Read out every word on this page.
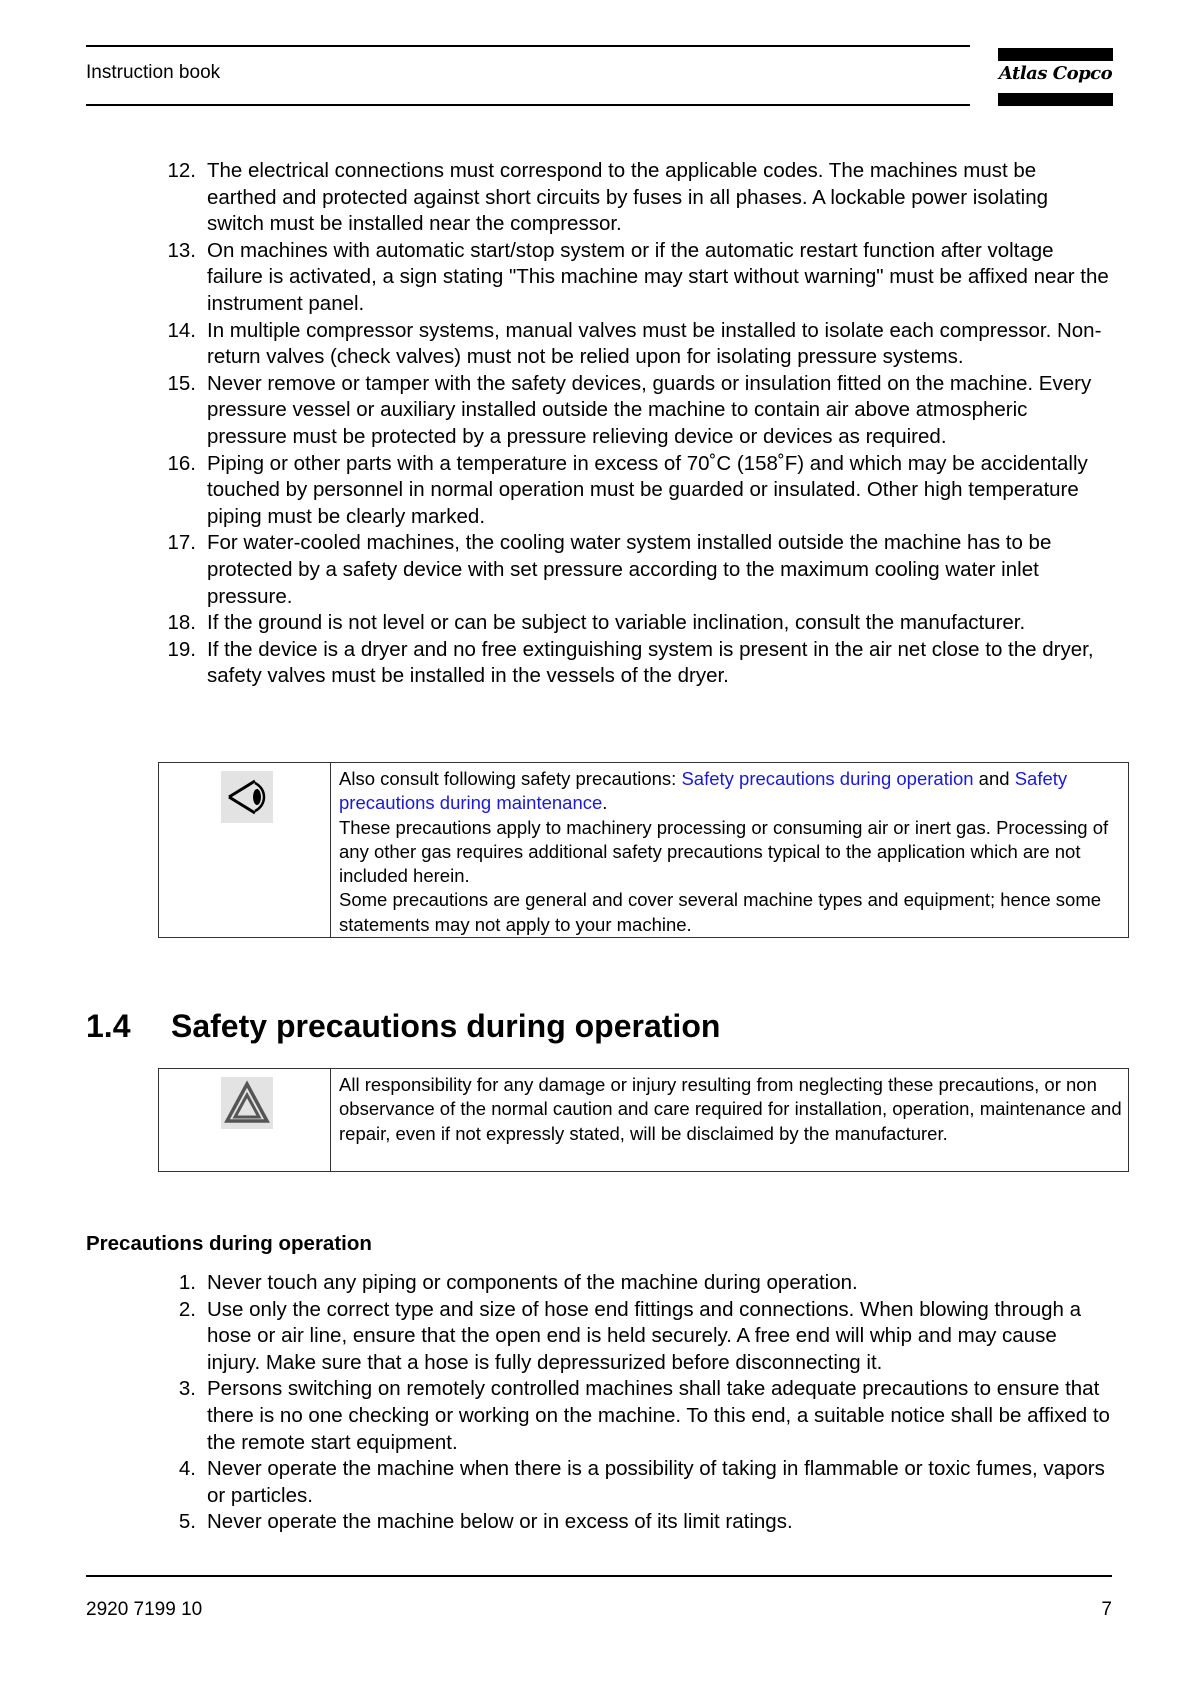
Instruction book	Atlas Copco
12. The electrical connections must correspond to the applicable codes. The machines must be earthed and protected against short circuits by fuses in all phases. A lockable power isolating switch must be installed near the compressor.
13. On machines with automatic start/stop system or if the automatic restart function after voltage failure is activated, a sign stating "This machine may start without warning" must be affixed near the instrument panel.
14. In multiple compressor systems, manual valves must be installed to isolate each compressor. Non-return valves (check valves) must not be relied upon for isolating pressure systems.
15. Never remove or tamper with the safety devices, guards or insulation fitted on the machine. Every pressure vessel or auxiliary installed outside the machine to contain air above atmospheric pressure must be protected by a pressure relieving device or devices as required.
16. Piping or other parts with a temperature in excess of 70˚C (158˚F) and which may be accidentally touched by personnel in normal operation must be guarded or insulated. Other high temperature piping must be clearly marked.
17. For water-cooled machines, the cooling water system installed outside the machine has to be protected by a safety device with set pressure according to the maximum cooling water inlet pressure.
18. If the ground is not level or can be subject to variable inclination, consult the manufacturer.
19. If the device is a dryer and no free extinguishing system is present in the air net close to the dryer, safety valves must be installed in the vessels of the dryer.
Also consult following safety precautions: Safety precautions during operation and Safety precautions during maintenance.
These precautions apply to machinery processing or consuming air or inert gas. Processing of any other gas requires additional safety precautions typical to the application which are not included herein.
Some precautions are general and cover several machine types and equipment; hence some statements may not apply to your machine.
1.4 Safety precautions during operation
All responsibility for any damage or injury resulting from neglecting these precautions, or non observance of the normal caution and care required for installation, operation, maintenance and repair, even if not expressly stated, will be disclaimed by the manufacturer.
Precautions during operation
1. Never touch any piping or components of the machine during operation.
2. Use only the correct type and size of hose end fittings and connections. When blowing through a hose or air line, ensure that the open end is held securely. A free end will whip and may cause injury. Make sure that a hose is fully depressurized before disconnecting it.
3. Persons switching on remotely controlled machines shall take adequate precautions to ensure that there is no one checking or working on the machine. To this end, a suitable notice shall be affixed to the remote start equipment.
4. Never operate the machine when there is a possibility of taking in flammable or toxic fumes, vapors or particles.
5. Never operate the machine below or in excess of its limit ratings.
2920 7199 10	7
